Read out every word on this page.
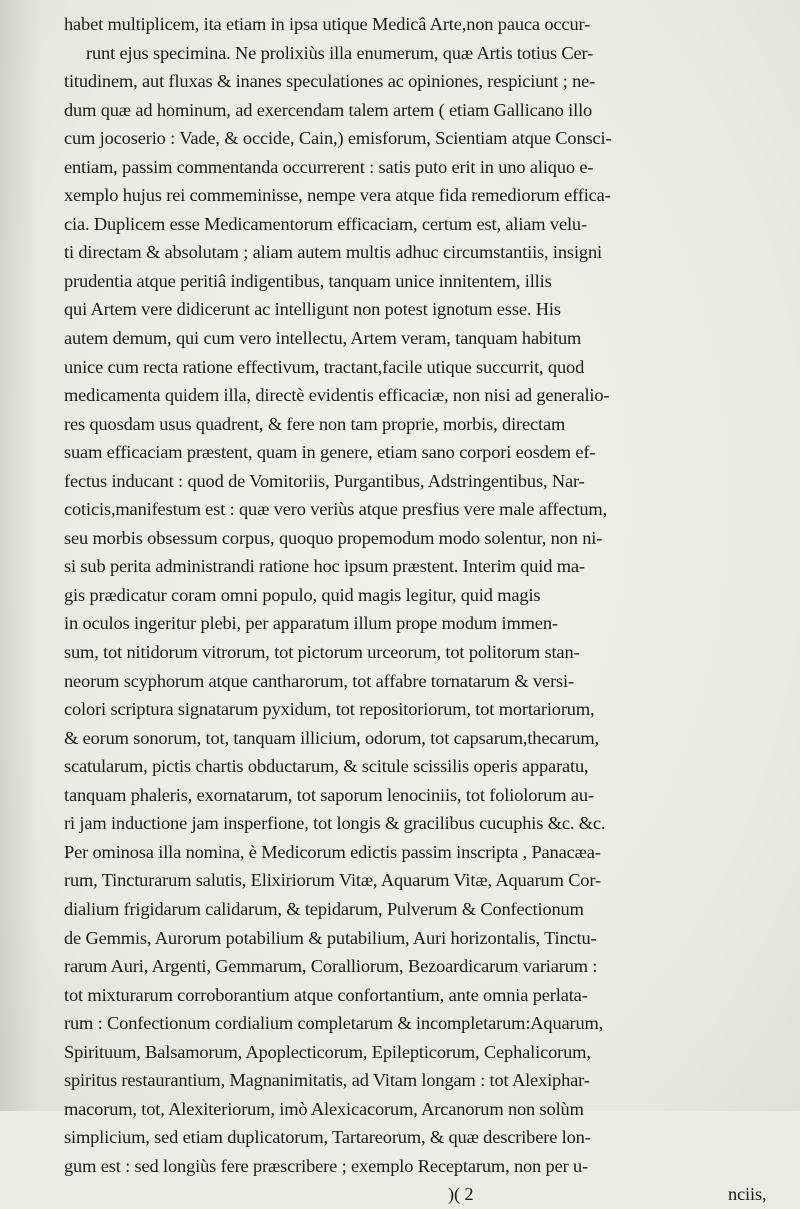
habet multiplicem, ita etiam in ipsa utique Medicâ Arte,non pauca occur-
runt ejus specimina. Ne prolixiùs illa enumerum, quæ Artis totius Cer-
titudinem, aut fluxas & inanes speculationes ac opiniones, respiciunt ; ne-
dum quæ ad hominum, ad exercendam talem artem ( etiam Gallicano illo
cum jocoserio : Vade, & occide, Cain,) emisforum, Scientiam atque Consci-
entiam, passim commentanda occurrerent : satis puto erit in uno aliquo e-
xemplo hujus rei commeminisse, nempe vera atque fida remediorum effica-
cia. Duplicem esse Medicamentorum efficaciam, certum est, aliam velu-
ti directam & absolutam ; aliam autem multis adhuc circumstantiis, insigni
prudentia atque peritiâ indigentibus, tanquam unice innitentem, illis
qui Artem vere didicerunt ac intelligunt non potest ignotum esse. His
autem demum, qui cum vero intellectu, Artem veram, tanquam habitum
unice cum recta ratione effectivum, tractant,facile utique succurrit, quod
medicamenta quidem illa, directè evidentis efficaciæ, non nisi ad generalio-
res quosdam usus quadrent, & fere non tam proprie, morbis, directam
suam efficaciam præstent, quam in genere, etiam sano corpori eosdem ef-
fectus inducant : quod de Vomitoriis, Purgantibus, Adstringentibus, Nar-
coticis,manifestum est : quæ vero veriùs atque presfius vere male affectum,
seu morbis obsessum corpus, quoquo propemodum modo solentur, non ni-
si sub perita administrandi ratione hoc ipsum præstent. Interim quid ma-
gis prædicatur coram omni populo, quid magis legitur, quid magis
in oculos ingeritur plebi, per apparatum illum prope modum immen-
sum, tot nitidorum vitrorum, tot pictorum urceorum, tot politorum stan-
neorum scyphorum atque cantharorum, tot affabre tornatarum & versi-
colori scriptura signatarum pyxidum, tot repositoriorum, tot mortariorum,
& eorum sonorum, tot, tanquam illicium, odorum, tot capsarum,thecarum,
scatularum, pictis chartis obductarum, & scitule scissilis operis apparatu,
tanquam phaleris, exornatarum, tot saporum lenociniis, tot foliolorum au-
ri jam inductione jam insperfione, tot longis & gracilibus cucuphis &c. &c.
Per ominosa illa nomina, è Medicorum edictis passim inscripta , Panacæa-
rum, Tincturarum salutis, Elixiriorum Vitæ, Aquarum Vitæ, Aquarum Cor-
dialium frigidarum calidarum, & tepidarum, Pulverum & Confectionum
de Gemmis, Aurorum potabilium & putabilium, Auri horizontalis, Tinctu-
rarum Auri, Argenti, Gemmarum, Coralliorum, Bezoardicarum variarum :
tot mixturarum corroborantium atque confortantium, ante omnia perlata-
rum : Confectionum cordialium completarum & incompletarum:Aquarum,
Spirituum, Balsamorum, Apoplecticorum, Epilepticorum, Cephalicorum,
spiritus restaurantium, Magnanimitatis, ad Vitam longam : tot Alexiphar-
macorum, tot, Alexiteriorum, imò Alexicacorum, Arcanorum non solùm
simplicium, sed etiam duplicatorum, Tartareorum, & quæ describere lon-
gum est : sed longiùs fere præscribere ; exemplo Receptarum, non per u-
)( 2	nciis,
